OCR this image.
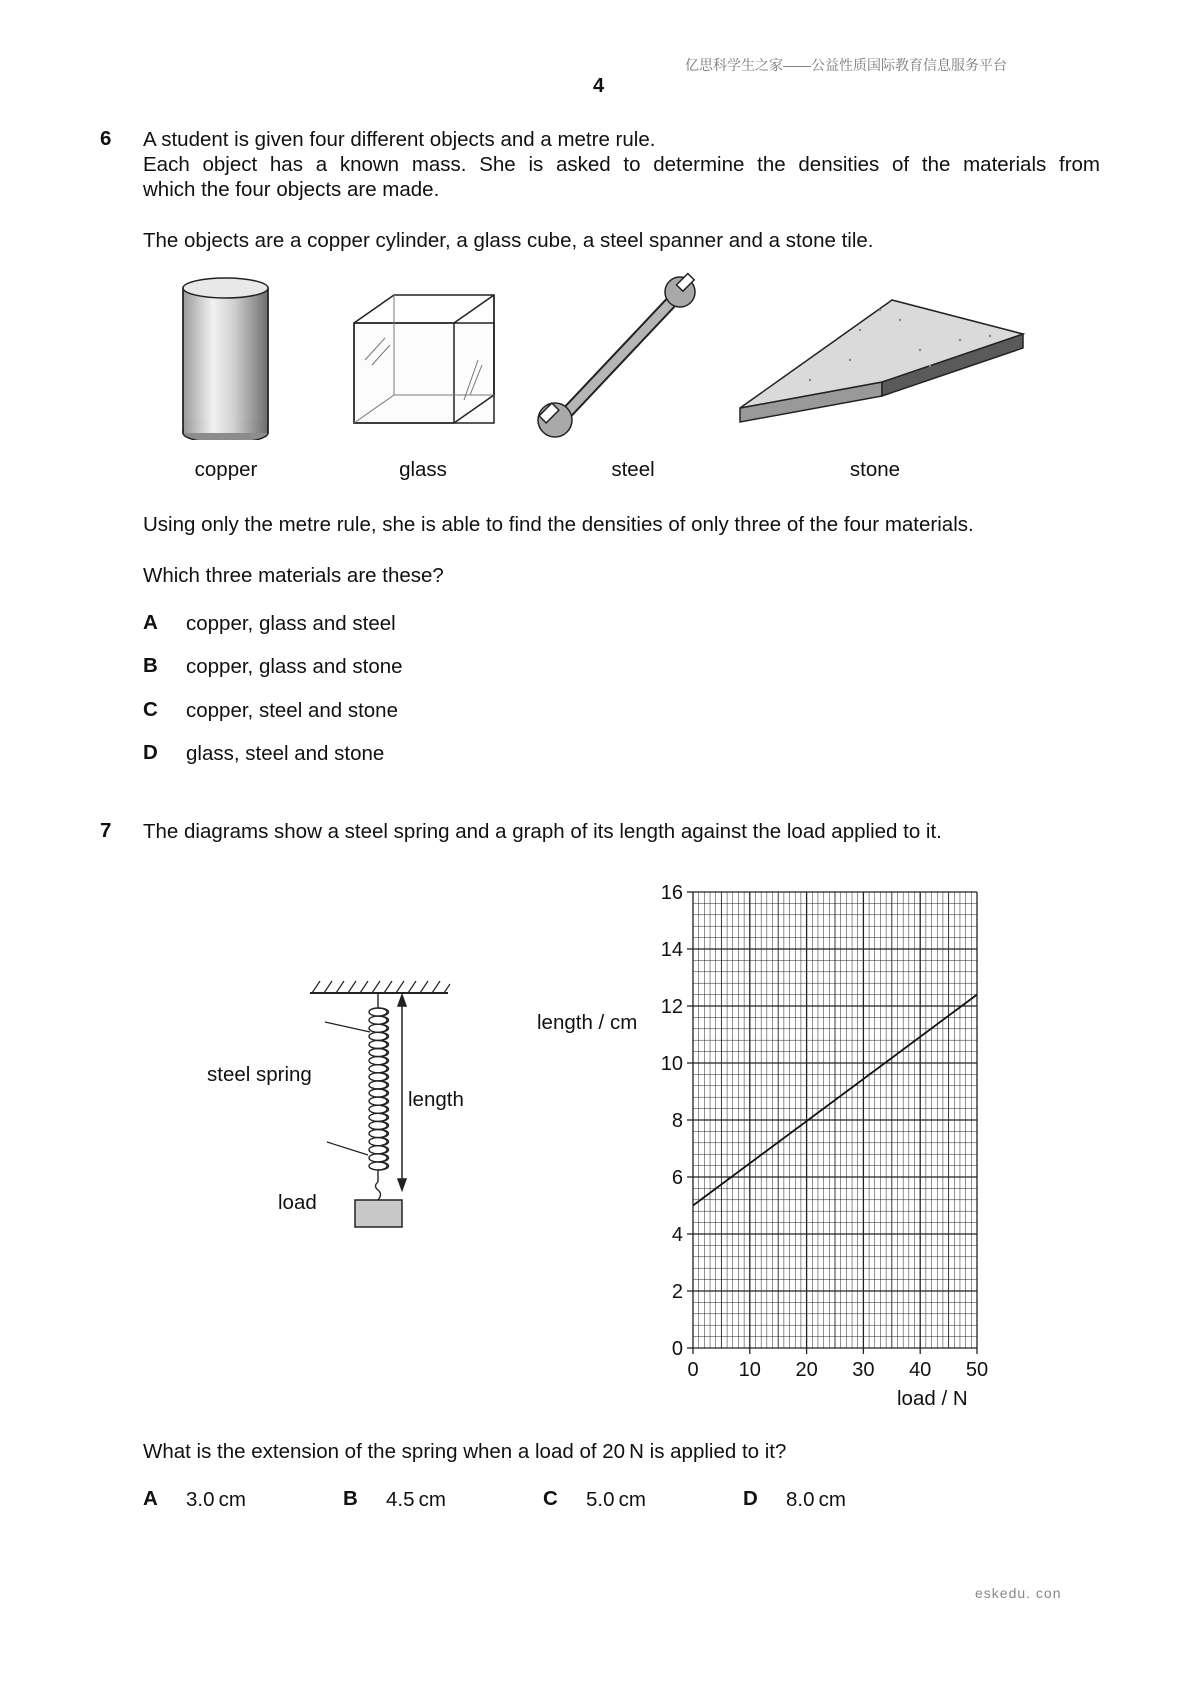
亿思科学生之家——公益性质国际教育信息服务平台
4
6 A student is given four different objects and a metre rule.
Each object has a known mass. She is asked to determine the densities of the materials from
which the four objects are made.
The objects are a copper cylinder, a glass cube, a steel spanner and a stone tile.
copper	glass	steel	stone
Using only the metre rule, she is able to find the densities of only three of the four materials.
Which three materials are these?
A copper, glass and steel
B copper, glass and stone
C copper, steel and stone
D glass, steel and stone
7 The diagrams show a steel spring and a graph of its length against the load applied to it.
steel spring
length
load
length / cm
load / N
0 10 20 30 40 50
0
2
4
6
8
10
12
14
16
What is the extension of the spring when a load of 20 N is applied to it?
A 3.0 cm	B 4.5 cm	C 5.0 cm	D 8.0 cm
eskedu. con
